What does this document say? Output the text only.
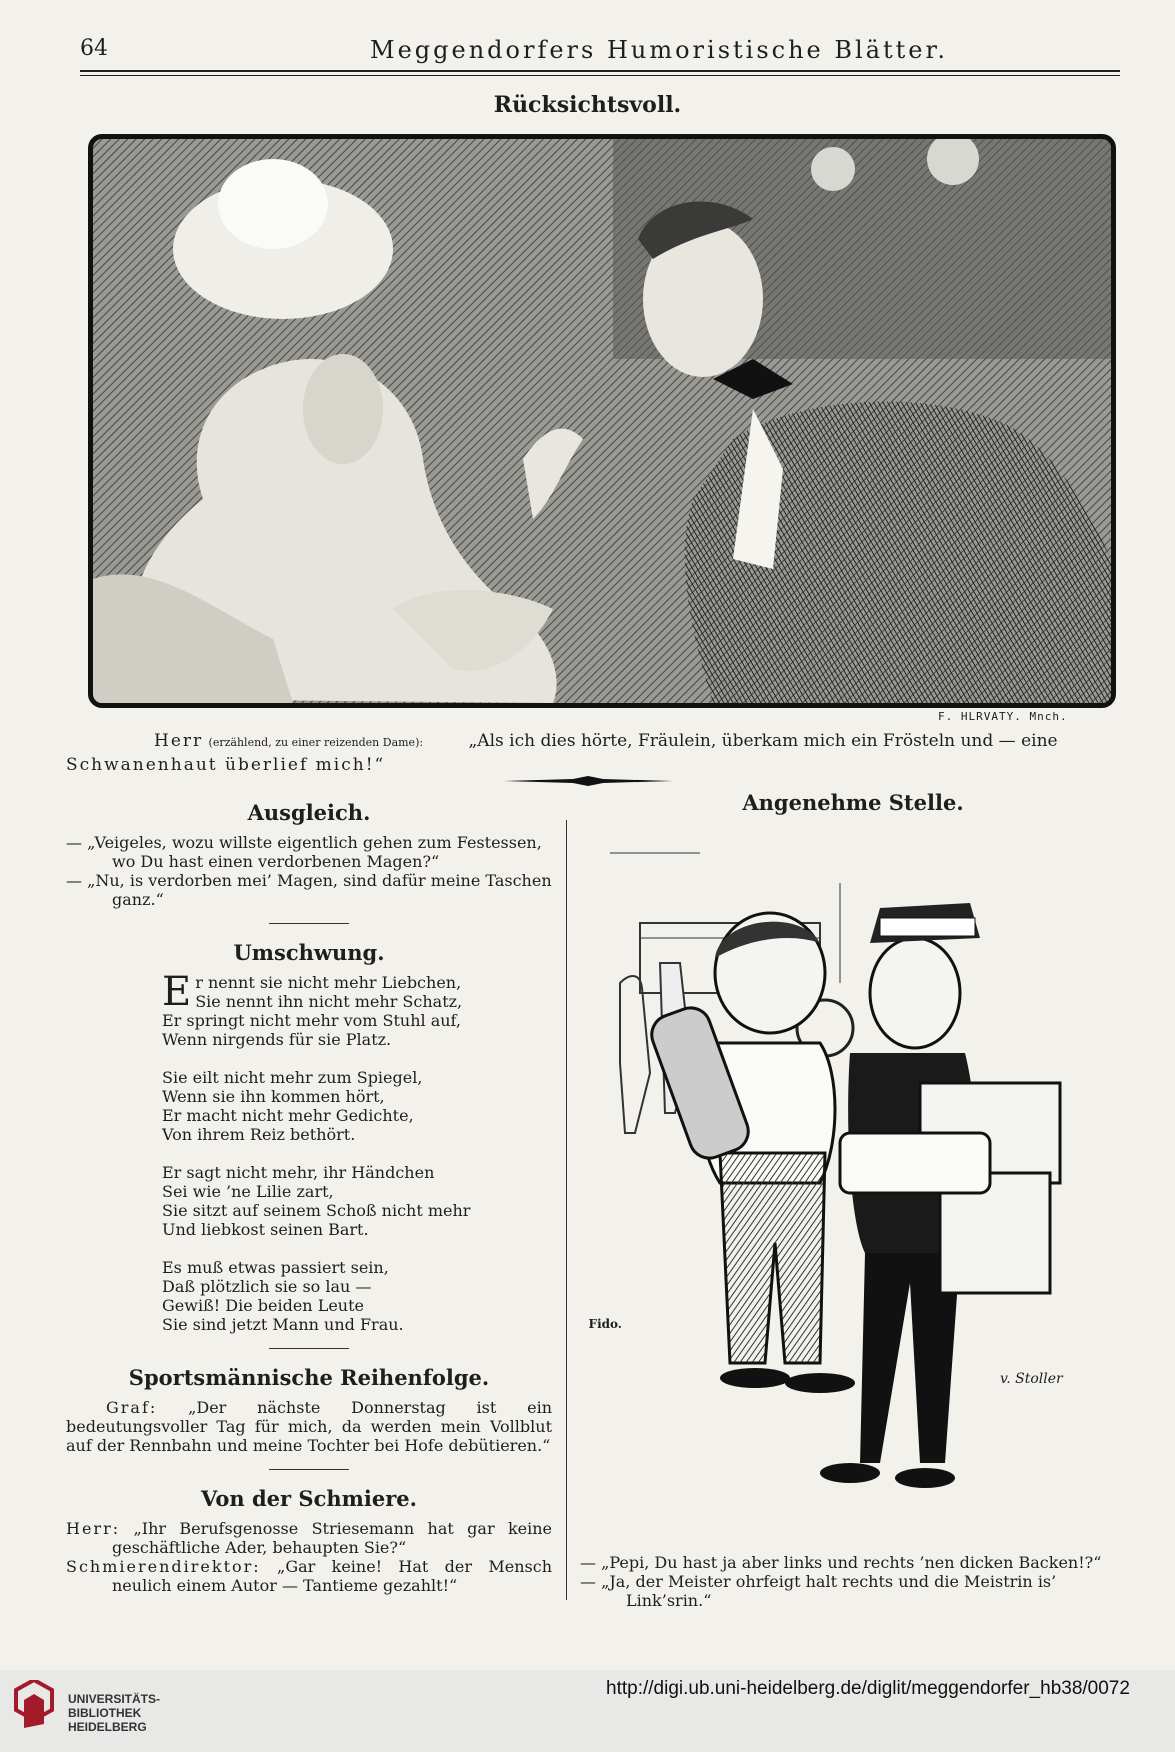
64	Meggendorfers Humoristische Blätter.
Rücksichtsvoll.
F. HLRVATY. Mnch.
Herr (erzählend, zu einer reizenden Dame):	„Als ich dies hörte, Fräulein, überkam mich ein Frösteln und — eine
Schwanenhaut überlief mich!“
Ausgleich.
— „Veigeles, wozu willste eigentlich gehen zum Festessen, wo Du hast einen verdorbenen Magen?“
— „Nu, is verdorben mei’ Magen, sind dafür meine Taschen ganz.“
Umschwung.
E r nennt sie nicht mehr Liebchen,
Sie nennt ihn nicht mehr Schatz,
Er springt nicht mehr vom Stuhl auf,
Wenn nirgends für sie Platz.
Sie eilt nicht mehr zum Spiegel,
Wenn sie ihn kommen hört,
Er macht nicht mehr Gedichte,
Von ihrem Reiz bethört.
Er sagt nicht mehr, ihr Händchen
Sei wie ’ne Lilie zart,
Sie sitzt auf seinem Schoß nicht mehr
Und liebkost seinen Bart.
Es muß etwas passiert sein,
Daß plötzlich sie so lau —
Gewiß! Die beiden Leute
Sie sind jetzt Mann und Frau.	Fido.
Sportsmännische Reihenfolge.
Graf: „Der nächste Donnerstag ist ein bedeutungsvoller Tag für mich, da werden mein Vollblut auf der Rennbahn und meine Tochter bei Hofe debütieren.“
Von der Schmiere.
Herr: „Ihr Berufsgenosse Striesemann hat gar keine geschäftliche Ader, behaupten Sie?“
Schmierendirektor: „Gar keine! Hat der Mensch neulich einem Autor — Tantieme gezahlt!“
Angenehme Stelle.
v. Stoller
— „Pepi, Du hast ja aber links und rechts ’nen dicken Backen!?“
— „Ja, der Meister ohrfeigt halt rechts und die Meistrin is’ Link’srin.“
UNIVERSITÄTS-
BIBLIOTHEK
HEIDELBERG
http://digi.ub.uni-heidelberg.de/diglit/meggendorfer_hb38/0072
